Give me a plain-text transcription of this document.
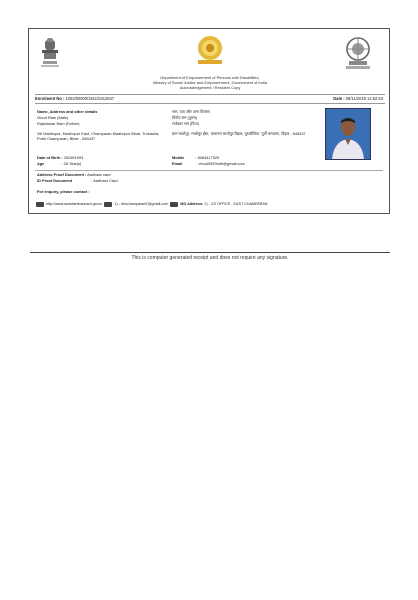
Department of Empowerment of Persons with Disabilities,
Ministry of Social Justice and Empowerment, Government of India
Acknowledgement / Resident Copy
Enrolment No : 1002/00000/1911/0412947	Date : 08/11/2019 14:52:53
Name, Address and other details
Vinod Ram (Male)
Rajeshwar Ram (Father)
Vill Madhopur, Madhopur East, Champaran Madhopur Bihar, Turkaulia, Purbi Champaran, Bihar - 845437
नाम, पता और अन्य विवरण
विनोद राम (पुरुष)
राजेश्वर राम (पिता)
ग्राम माधोपुर, माधोपुर ईस्ट, चम्पारण माधोपुर बिहार, तुरकौलिया, पूर्वी चम्पारण, बिहार - 845437
Date of Birth : 25/08/1993
Age	: 26 Year(s)
Mobile	: 8084417529
Email	: vinod0993mth@gmail.com
Address Proof Document : Aadhaar card
ID Proof Document	: Aadhaar Card
For enquiry, please contact :
http://www.swavlambancard.gov.in	1) - dhschamparanE@gmail.com	MO Address: 1) - CS OFFICE , EAST CHAMPARAN
This is computer generated receipt and does not require any signature.
